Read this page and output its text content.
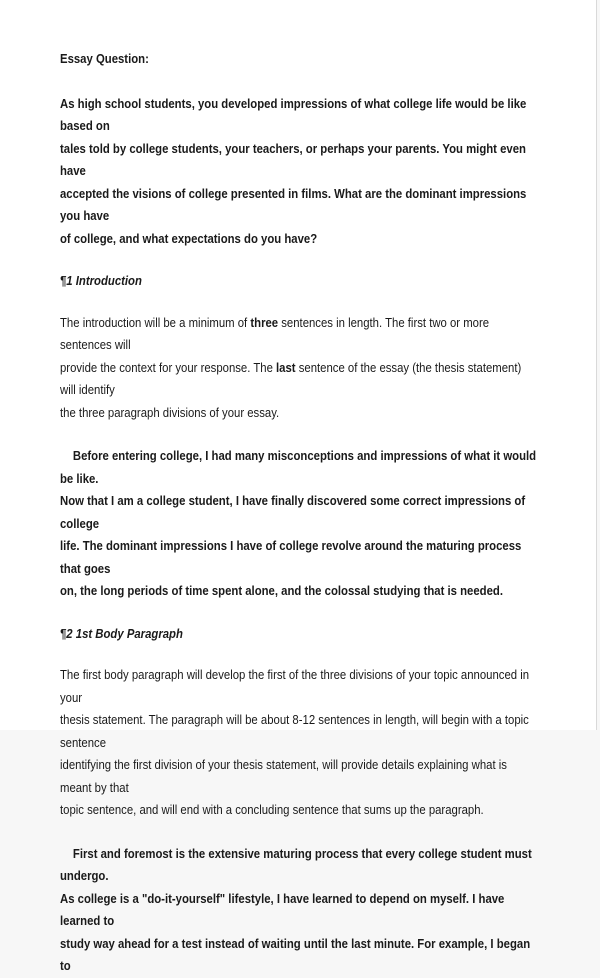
Essay Question:

As high school students, you developed impressions of what college life would be like based on

tales told by college students, your teachers, or perhaps your parents. You might even have

accepted the visions of college presented in films. What are the dominant impressions you have

of college, and what expectations do you have?

¶1 Introduction

The introduction will be a minimum of three sentences in length. The first two or more sentences will

provide the context for your response. The last sentence of the essay (the thesis statement) will identify

the three paragraph divisions of your essay.

Before entering college, I had many misconceptions and impressions of what it would be like.

Now that I am a college student, I have finally discovered some correct impressions of college

life. The dominant impressions I have of college revolve around the maturing process that goes

on, the long periods of time spent alone, and the colossal studying that is needed.

¶2 1st Body Paragraph

The first body paragraph will develop the first of the three divisions of your topic announced in your

thesis statement. The paragraph will be about 8-12 sentences in length, will begin with a topic sentence

identifying the first division of your thesis statement, will provide details explaining what is meant by that

topic sentence, and will end with a concluding sentence that sums up the paragraph.

First and foremost is the extensive maturing process that every college student must undergo.

As college is a "do-it-yourself" lifestyle, I have learned to depend on myself. I have learned to

study way ahead for a test instead of waiting until the last minute. For example, I began to
